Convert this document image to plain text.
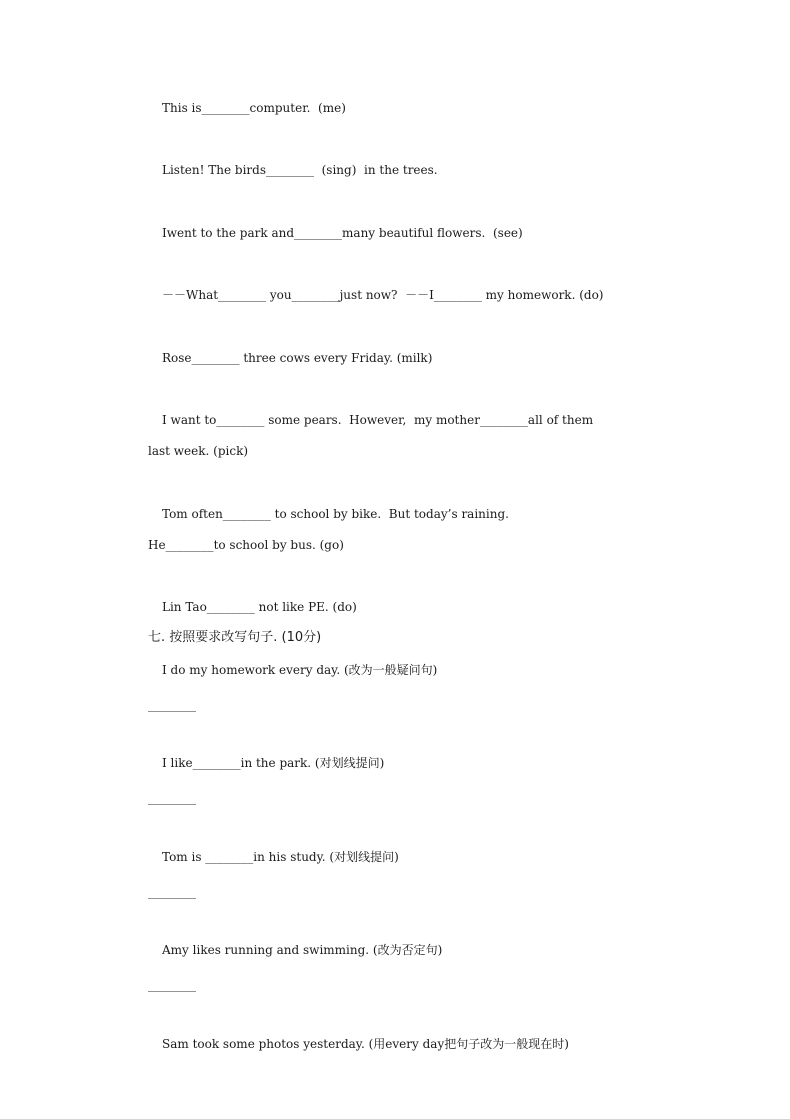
This is________computer.  (me)
Listen! The birds________  (sing)  in the trees.
Iwent to the park and________many beautiful flowers.  (see)
－－What________ you________just now?  －－I________ my homework. (do)
Rose________ three cows every Friday. (milk)
I want to________ some pears.  However,  my mother________all of them
last week. (pick)
Tom often________ to school by bike.  But today’s raining.
He________to school by bus. (go)
Lin Tao________ not like PE. (do)
七. 按照要求改写句子. (10分)
I do my homework every day. (改为一般疑问句)
________
I like________in the park. (对划线提问)
________
Tom is ________in his study. (对划线提问)
________
Amy likes running and swimming. (改为否定句)
________
Sam took some photos yesterday. (用every day把句子改为一般现在时)
